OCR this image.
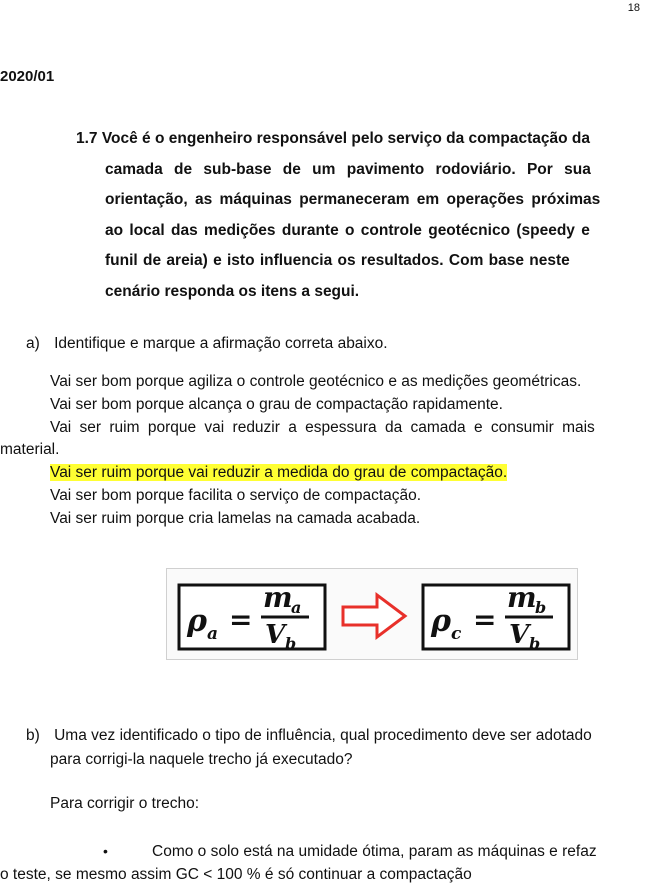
18
2020/01
1.7 Você é o engenheiro responsável pelo serviço da compactação da
camada de sub-base de um pavimento rodoviário. Por sua
orientação, as máquinas permaneceram em operações próximas
ao local das medições durante o controle geotécnico (speedy e
funil de areia) e isto influencia os resultados. Com base neste
cenário responda os itens a segui.
a) Identifique e marque a afirmação correta abaixo.
Vai ser bom porque agiliza o controle geotécnico e as medições geométricas.
Vai ser bom porque alcança o grau de compactação rapidamente.
Vai ser ruim porque vai reduzir a espessura da camada e consumir mais
material.
Vai ser ruim porque vai reduzir a medida do grau de compactação.
Vai ser bom porque facilita o serviço de compactação.
Vai ser ruim porque cria lamelas na camada acabada.
ρ a =
m
a
V b
ρ c =
m
b
V b
b) Uma vez identificado o tipo de influência, qual procedimento deve ser adotado
para corrigi-la naquele trecho já executado?
Para corrigir o trecho:
•	Como o solo está na umidade ótima, param as máquinas e refaz
o teste, se mesmo assim GC < 100 % é só continuar a compactação
